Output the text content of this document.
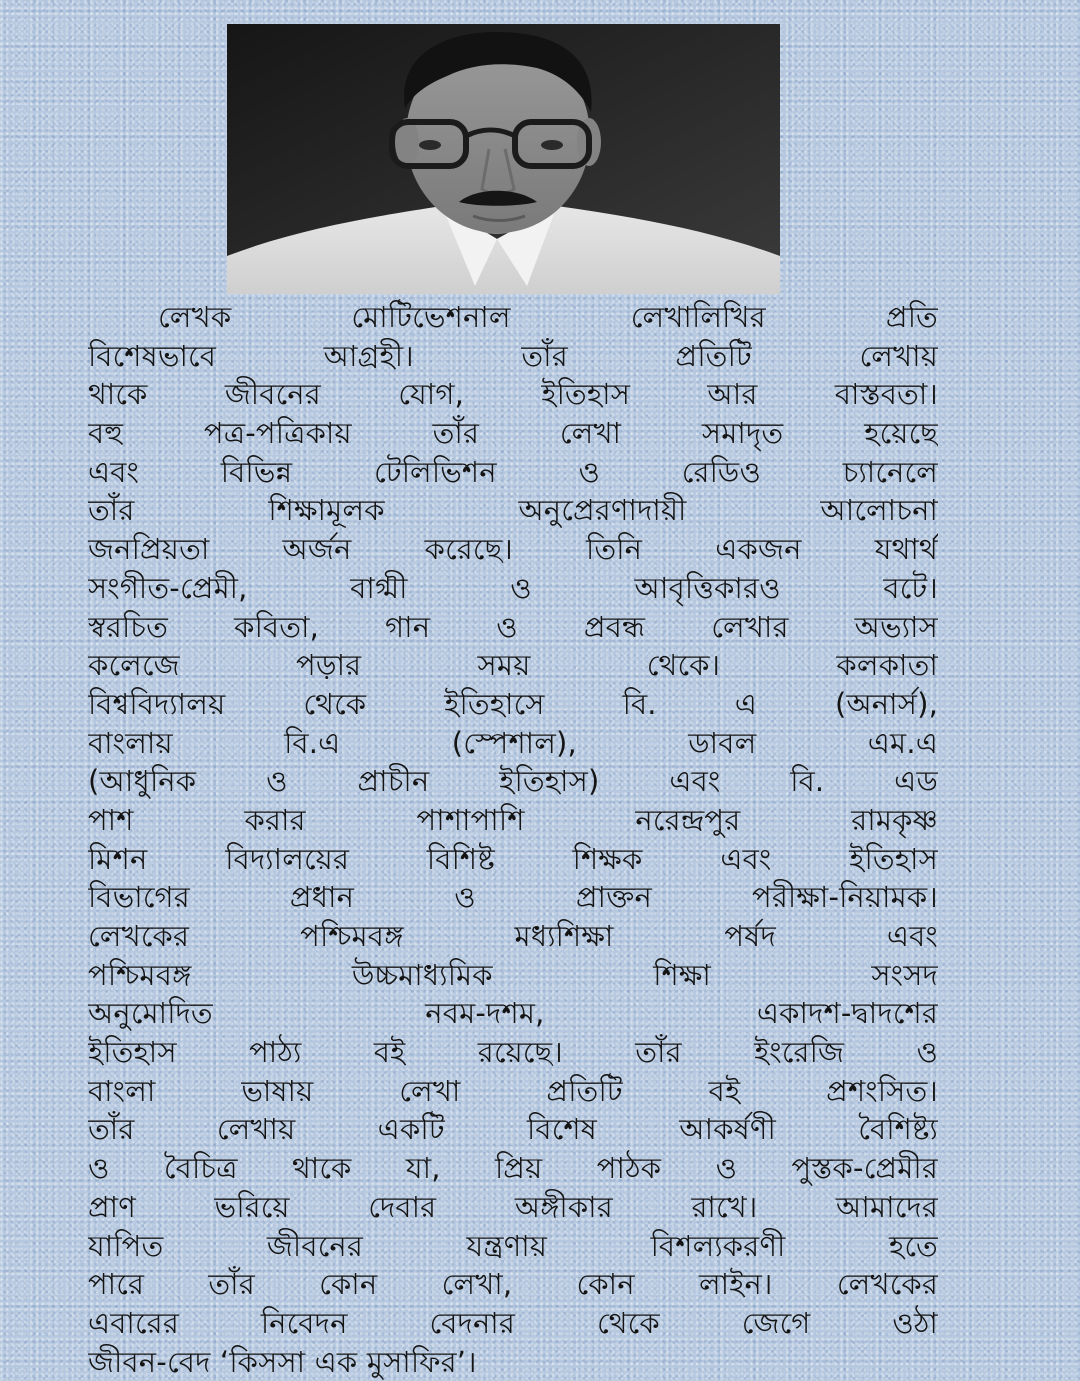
লেখক মোটিভেশনাল লেখালিখির প্রতি
বিশেষভাবে আগ্রহী। তাঁর প্রতিটি লেখায়
থাকে জীবনের যোগ, ইতিহাস আর বাস্তবতা।
বহু পত্র-পত্রিকায় তাঁর লেখা সমাদৃত হয়েছে
এবং বিভিন্ন টেলিভিশন ও রেডিও চ্যানেলে
তাঁর শিক্ষামূলক অনুপ্রেরণাদায়ী আলোচনা
জনপ্রিয়তা অর্জন করেছে। তিনি একজন যথার্থ
সংগীত-প্রেমী, বাগ্মী ও আবৃত্তিকারও বটে।
স্বরচিত কবিতা, গান ও প্রবন্ধ লেখার অভ্যাস
কলেজে পড়ার সময় থেকে। কলকাতা
বিশ্ববিদ্যালয় থেকে ইতিহাসে বি. এ (অনার্স),
বাংলায় বি.এ (স্পেশাল), ডাবল এম.এ
(আধুনিক ও প্রাচীন ইতিহাস) এবং বি. এড
পাশ করার পাশাপাশি নরেন্দ্রপুর রামকৃষ্ণ
মিশন বিদ্যালয়ের বিশিষ্ট শিক্ষক এবং ইতিহাস
বিভাগের প্রধান ও প্রাক্তন পরীক্ষা-নিয়ামক।
লেখকের পশ্চিমবঙ্গ মধ্যশিক্ষা পর্ষদ এবং
পশ্চিমবঙ্গ উচ্চমাধ্যমিক শিক্ষা সংসদ
অনুমোদিত নবম-দশম, একাদশ-দ্বাদশের
ইতিহাস পাঠ্য বই রয়েছে। তাঁর ইংরেজি ও
বাংলা ভাষায় লেখা প্রতিটি বই প্রশংসিত।
তাঁর লেখায় একটি বিশেষ আকর্ষণী বৈশিষ্ট্য
ও বৈচিত্র থাকে যা, প্রিয় পাঠক ও পুস্তক-প্রেমীর
প্রাণ ভরিয়ে দেবার অঙ্গীকার রাখে। আমাদের
যাপিত জীবনের যন্ত্রণায় বিশল্যকরণী হতে
পারে তাঁর কোন লেখা, কোন লাইন। লেখকের
এবারের নিবেদন বেদনার থেকে জেগে ওঠা
জীবন-বেদ ‘কিসসা এক মুসাফির’।
